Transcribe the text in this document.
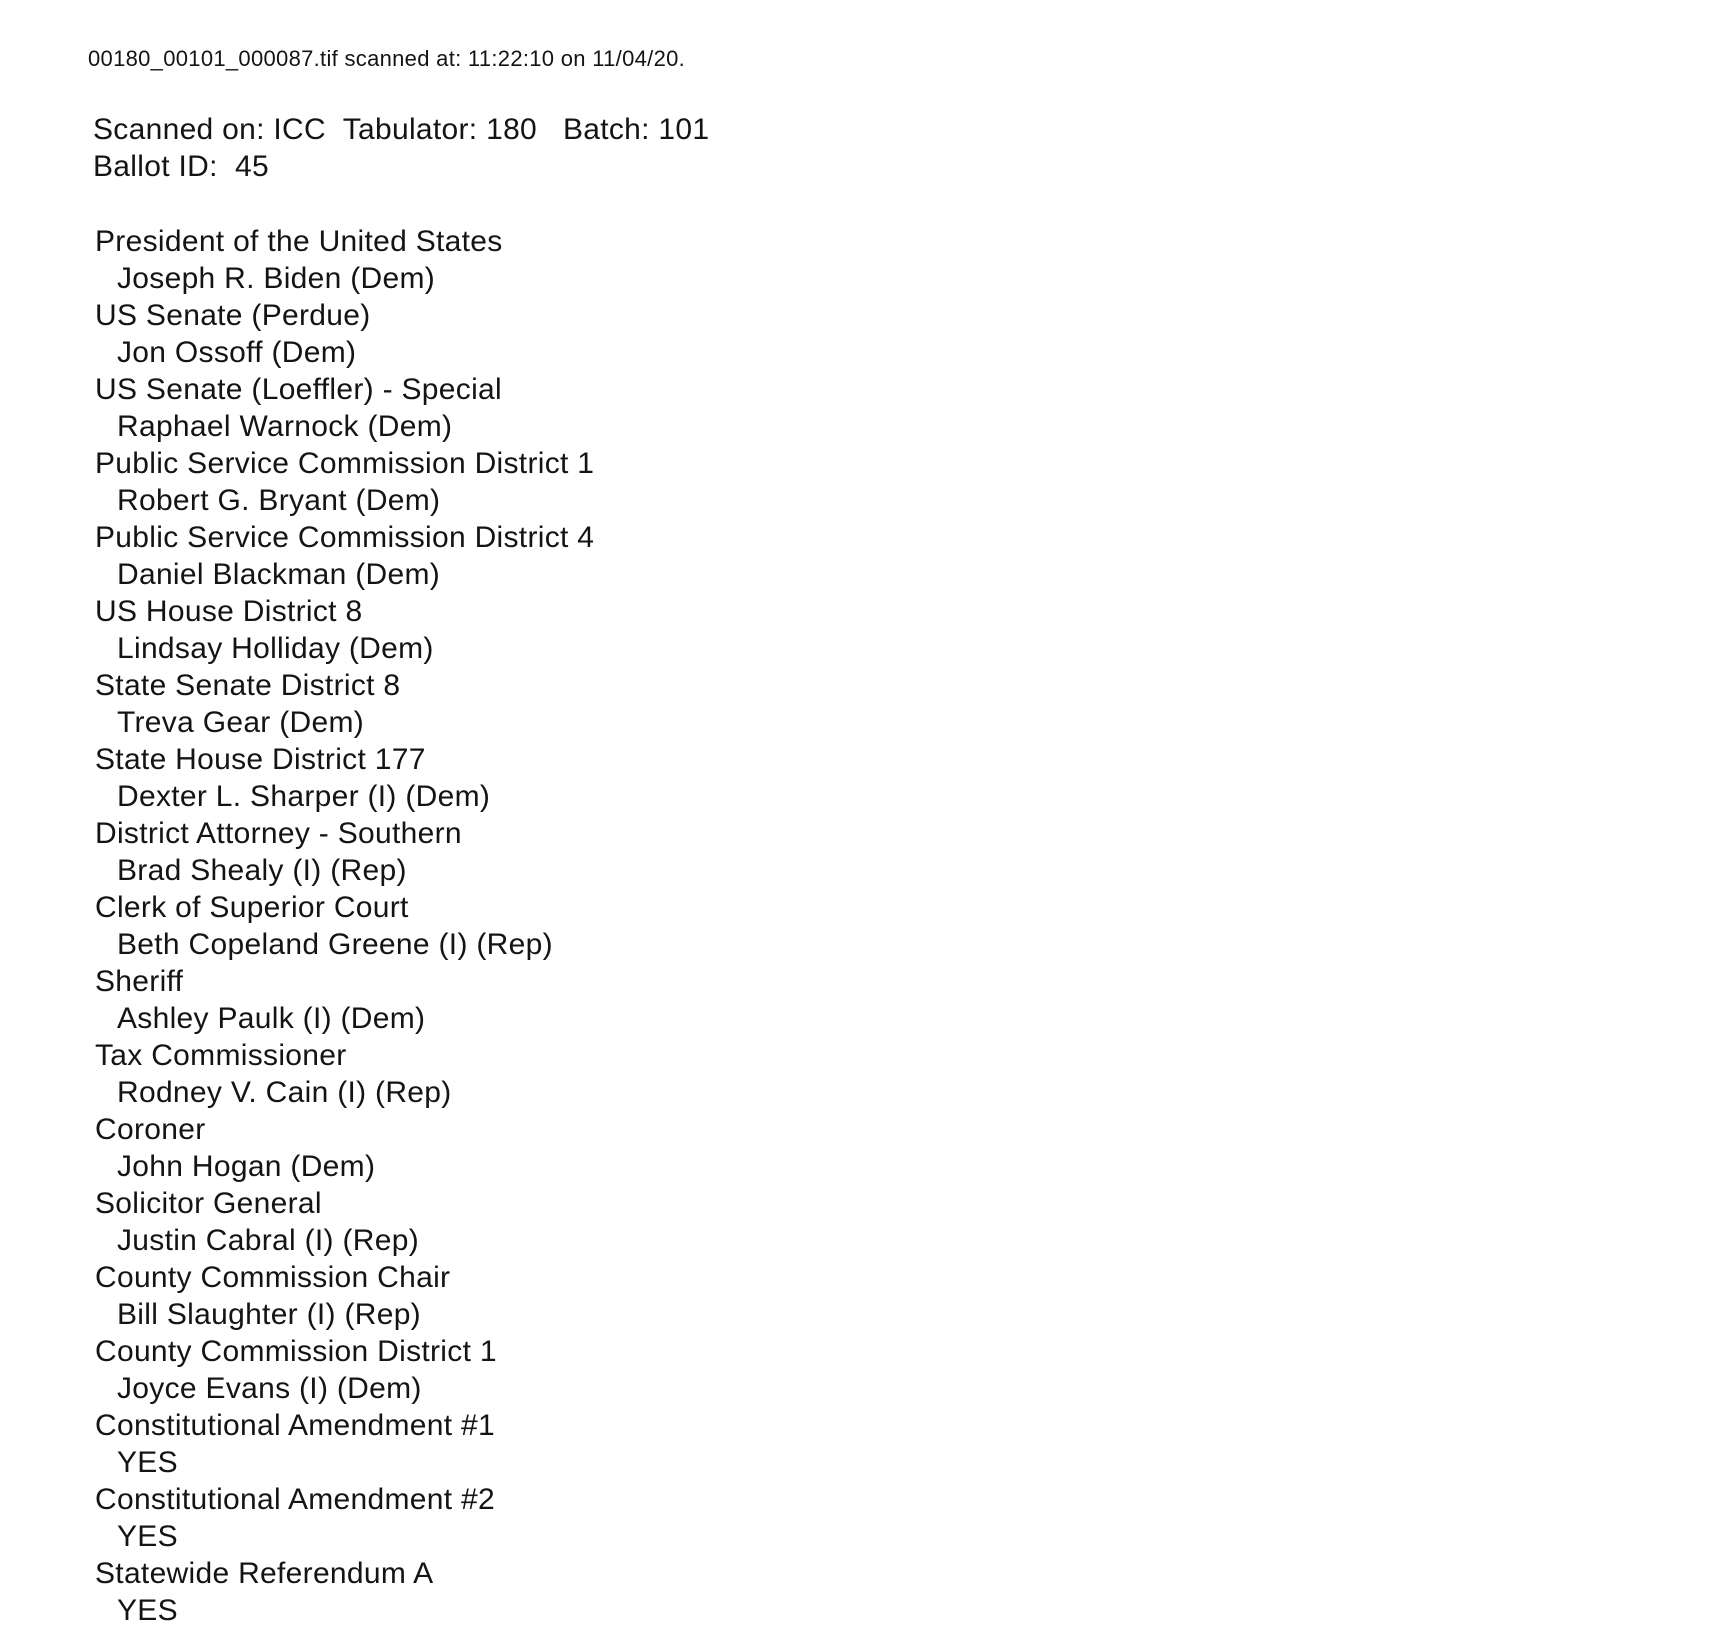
00180_00101_000087.tif scanned at: 11:22:10 on 11/04/20.
Scanned on: ICC  Tabulator: 180   Batch: 101
Ballot ID:  45
President of the United States
Joseph R. Biden (Dem)
US Senate (Perdue)
Jon Ossoff (Dem)
US Senate (Loeffler) - Special
Raphael Warnock (Dem)
Public Service Commission District 1
Robert G. Bryant (Dem)
Public Service Commission District 4
Daniel Blackman (Dem)
US House District 8
Lindsay Holliday (Dem)
State Senate District 8
Treva Gear (Dem)
State House District 177
Dexter L. Sharper (I) (Dem)
District Attorney - Southern
Brad Shealy (I) (Rep)
Clerk of Superior Court
Beth Copeland Greene (I) (Rep)
Sheriff
Ashley Paulk (I) (Dem)
Tax Commissioner
Rodney V. Cain (I) (Rep)
Coroner
John Hogan (Dem)
Solicitor General
Justin Cabral (I) (Rep)
County Commission Chair
Bill Slaughter (I) (Rep)
County Commission District 1
Joyce Evans (I) (Dem)
Constitutional Amendment #1
YES
Constitutional Amendment #2
YES
Statewide Referendum A
YES
